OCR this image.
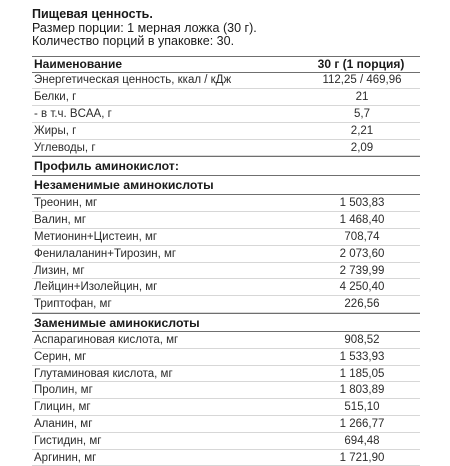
Пищевая ценность.
Размер порции: 1 мерная ложка (30 г).
Количество порций в упаковке: 30.
Наименование	30 г (1 порция)
Энергетическая ценность, ккал / кДж	112,25 / 469,96
Белки, г	21
- в т.ч. BCAA, г	5,7
Жиры, г	2,21
Углеводы, г	2,09
Профиль аминокислот:
Незаменимые аминокислоты
Треонин, мг	1 503,83
Валин, мг	1 468,40
Метионин+Цистеин, мг	708,74
Фенилаланин+Тирозин, мг	2 073,60
Лизин, мг	2 739,99
Лейцин+Изолейцин, мг	4 250,40
Триптофан, мг	226,56
Заменимые аминокислоты
Аспарагиновая кислота, мг	908,52
Серин, мг	1 533,93
Глутаминовая кислота, мг	1 185,05
Пролин, мг	1 803,89
Глицин, мг	515,10
Аланин, мг	1 266,77
Гистидин, мг	694,48
Аргинин, мг	1 721,90
